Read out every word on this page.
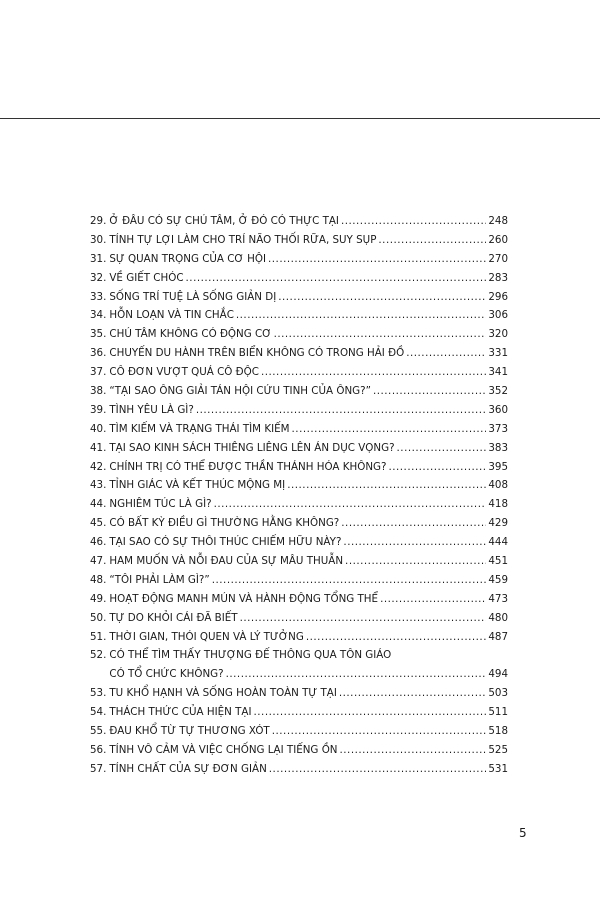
29. Ở ĐÂU CÓ SỰ CHÚ TÂM, Ở ĐÓ CÓ THỰC TẠI .....	248
30. TÍNH TỰ LỢI LÀM CHO TRÍ NÃO THỐI RỮA, SUY SỤP .....	260
31. SỰ QUAN TRỌNG CỦA CƠ HỘI .....	270
32. VỀ GIẾT CHÓC .....	283
33. SỐNG TRÍ TUỆ LÀ SỐNG GIẢN DỊ .....	296
34. HỖN LOẠN VÀ TIN CHẮC .....	306
35. CHÚ TÂM KHÔNG CÓ ĐỘNG CƠ .....	320
36. CHUYẾN DU HÀNH TRÊN BIỂN KHÔNG CÓ TRONG HẢI ĐỒ .....	331
37. CÔ ĐƠN VƯỢT QUÁ CÔ ĐỘC .....	341
38. “TẠI SAO ÔNG GIẢI TÁN HỘI CỨU TINH CỦA ÔNG?” .....	352
39. TÌNH YÊU LÀ GÌ? .....	360
40. TÌM KIẾM VÀ TRẠNG THÁI TÌM KIẾM .....	373
41. TẠI SAO KINH SÁCH THIÊNG LIÊNG LÊN ÁN DỤC VỌNG? .....	383
42. CHÍNH TRỊ CÓ THỂ ĐƯỢC THẦN THÁNH HÓA KHÔNG? .....	395
43. TỈNH GIÁC VÀ KẾT THÚC MỘNG MỊ .....	408
44. NGHIÊM TÚC LÀ GÌ? .....	418
45. CÓ BẤT KỲ ĐIỀU GÌ THƯỜNG HẰNG KHÔNG? .....	429
46. TẠI SAO CÓ SỰ THÔI THÚC CHIẾM HỮU NÀY? .....	444
47. HAM MUỐN VÀ NỖI ĐAU CỦA SỰ MÂU THUẪN .....	451
48. “TÔI PHẢI LÀM GÌ?” .....	459
49. HOẠT ĐỘNG MANH MÚN VÀ HÀNH ĐỘNG TỔNG THỂ .....	473
50. TỰ DO KHỎI CÁI ĐÃ BIẾT .....	480
51. THỜI GIAN, THÓI QUEN VÀ LÝ TƯỞNG .....	487
52. CÓ THỂ TÌM THẤY THƯỢNG ĐẾ THÔNG QUA TÔN GIÁO
CÓ TỔ CHỨC KHÔNG? .....	494
53. TU KHỔ HẠNH VÀ SỐNG HOÀN TOÀN TỰ TẠI .....	503
54. THÁCH THỨC CỦA HIỆN TẠI .....	511
55. ĐAU KHỔ TỪ TỰ THƯƠNG XÓT .....	518
56. TÍNH VÔ CẢM VÀ VIỆC CHỐNG LẠI TIẾNG ỒN .....	525
57. TÍNH CHẤT CỦA SỰ ĐƠN GIẢN .....	531
5
